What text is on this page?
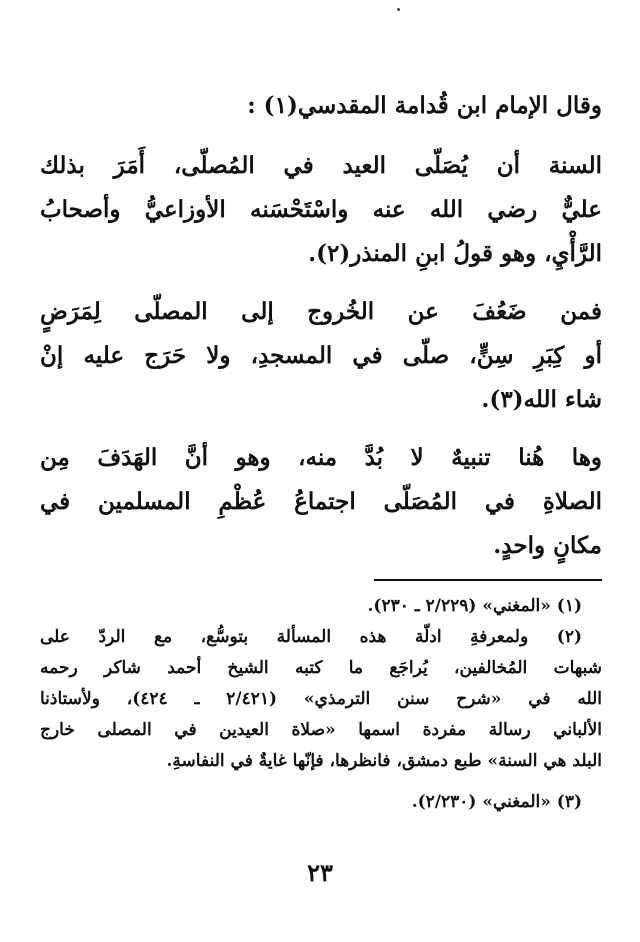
وقال الإمام ابن قُدامة المقدسي(١) :
السنة أن يُصَلّى العيد في المُصلّى، أَمَرَ بذلك
عليٌّ رضي الله عنه واسْتَحْسَنه الأوزاعيُّ وأصحابُ
الرَّأْيِ، وهو قولُ ابنِ المنذر(٢).
فمن ضَعُفَ عن الخُروج إلى المصلّى لِمَرَضٍ
أو كِبَرِ سِنٍّ، صلّى في المسجدِ، ولا حَرَج عليه إنْ
شاء الله(٣).
وها هُنا تنبيهٌ لا بُدَّ منه، وهو أنَّ الهَدَفَ مِن
الصلاةِ في المُصَلّى اجتماعُ عُظْمِ المسلمين في
مكانٍ واحدٍ.
(١) «المغني» (٢/٢٢٩ ـ ٢٣٠).
(٢) ولمعرفةِ ادلّة هذه المسألة بتوسُّع، مع الردّ على
شبهات المُخالفين، يُراجَع ما كتبه الشيخ أحمد شاكر رحمه
الله في «شرح سنن الترمذي» (٢/٤٢١ ـ ٤٢٤)، ولأستاذنا
الألباني رسالة مفردة اسمها «صلاة العيدين في المصلى خارج
البلد هي السنة» طبع دمشق، فانظرها، فإنّها غايةٌ في النفاسةِ.
(٣) «المغني» (٢/٢٣٠).
٢٣
